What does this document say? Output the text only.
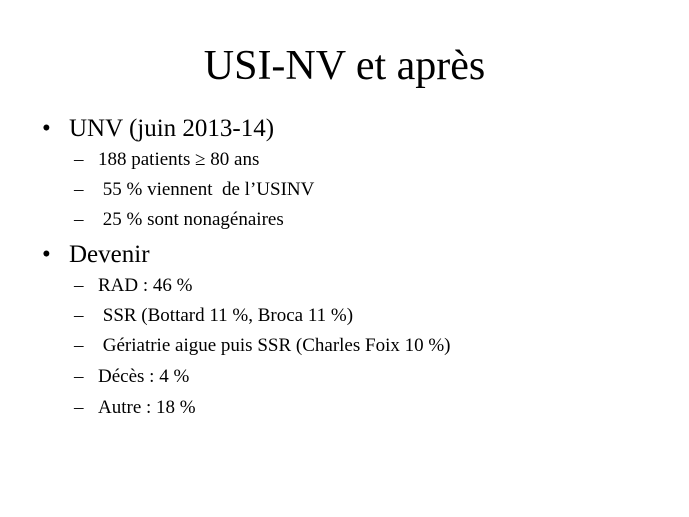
USI-NV et après
• UNV (juin 2013-14)

–

188 patients ≥ 80 ans

–

55 % viennent  de l’USINV

–

25 % sont nonagénaires

• Devenir

–

RAD : 46 %

–

SSR (Bottard 11 %, Broca 11 %)

–

Gériatrie aigue puis SSR (Charles Foix 10 %)

–

Décès : 4 %

–

Autre : 18 %
